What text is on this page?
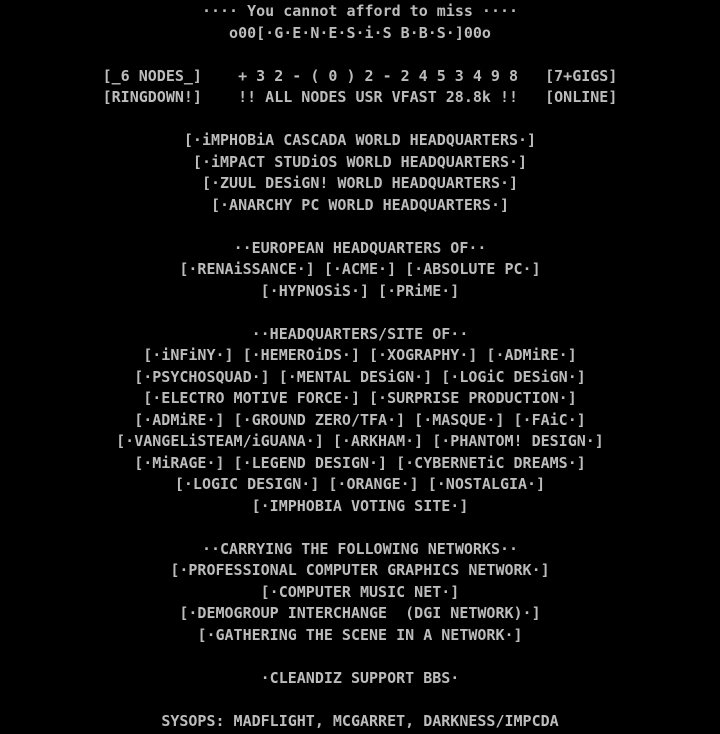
···· You cannot afford to miss ····
o00[·G·E·N·E·S·i·S B·B·S·]00o
[_6 NODES_]    + 3 2 - ( 0 ) 2 - 2 4 5 3 4 9 8   [7+GIGS]
[RINGDOWN!]    !! ALL NODES USR VFAST 28.8k !!   [ONLINE]
[·iMPHOBiA CASCADA WORLD HEADQUARTERS·]
[·iMPACT STUDiOS WORLD HEADQUARTERS·]
[·ZUUL DESiGN! WORLD HEADQUARTERS·]
[·ANARCHY PC WORLD HEADQUARTERS·]
··EUROPEAN HEADQUARTERS OF··
[·RENAiSSANCE·] [·ACME·] [·ABSOLUTE PC·]
[·HYPNOSiS·] [·PRiME·]
··HEADQUARTERS/SITE OF··
[·iNFiNY·] [·HEMEROiDS·] [·XOGRAPHY·] [·ADMiRE·]
[·PSYCHOSQUAD·] [·MENTAL DESiGN·] [·LOGiC DESiGN·]
[·ELECTRO MOTIVE FORCE·] [·SURPRISE PRODUCTION·]
[·ADMiRE·] [·GROUND ZERO/TFA·] [·MASQUE·] [·FAiC·]
[·VANGELiSTEAM/iGUANA·] [·ARKHAM·] [·PHANTOM! DESIGN·]
[·MiRAGE·] [·LEGEND DESIGN·] [·CYBERNETiC DREAMS·]
[·LOGIC DESIGN·] [·ORANGE·] [·NOSTALGIA·]
[·IMPHOBIA VOTING SITE·]
··CARRYING THE FOLLOWING NETWORKS··
[·PROFESSIONAL COMPUTER GRAPHICS NETWORK·]
[·COMPUTER MUSIC NET·]
[·DEMOGROUP INTERCHANGE  (DGI NETWORK)·]
[·GATHERING THE SCENE IN A NETWORK·]
·CLEANDIZ SUPPORT BBS·
SYSOPS: MADFLIGHT, MCGARRET, DARKNESS/IMPCDA
